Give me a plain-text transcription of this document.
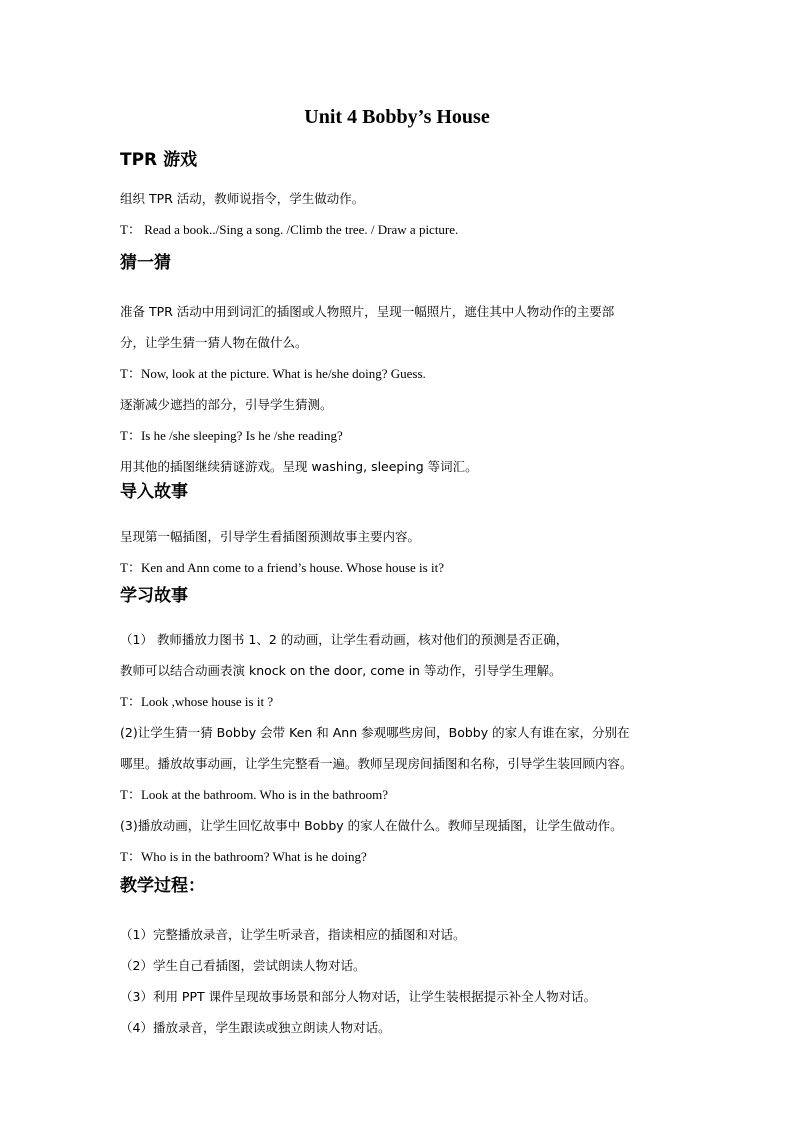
Unit 4 Bobby’s House
TPR 游戏

组织 TPR 活动，教师说指令，学生做动作。

T： Read a book../Sing a song. /Climb the tree. / Draw a picture.

猜一猜

准备 TPR 活动中用到词汇的插图或人物照片，呈现一幅照片，遮住其中人物动作的主要部

分，让学生猜一猜人物在做什么。

T：Now, look at the picture. What is he/she doing? Guess.

逐渐减少遮挡的部分，引导学生猜测。

T：Is he /she sleeping? Is he /she reading?

用其他的插图继续猜谜游戏。呈现 washing, sleeping 等词汇。

导入故事

呈现第一幅插图，引导学生看插图预测故事主要内容。

T：Ken and Ann come to a friend’s house. Whose house is it?

学习故事

（1） 教师播放力图书 1、2 的动画，让学生看动画，核对他们的预测是否正确，

教师可以结合动画表演 knock on the door, come in 等动作，引导学生理解。

T：Look ,whose house is it ?

(2)让学生猜一猜 Bobby 会带 Ken 和 Ann 参观哪些房间，Bobby 的家人有谁在家，分别在

哪里。播放故事动画，让学生完整看一遍。教师呈现房间插图和名称，引导学生装回顾内容。

T：Look at the bathroom. Who is in the bathroom?

(3)播放动画，让学生回忆故事中 Bobby 的家人在做什么。教师呈现插图，让学生做动作。

T：Who is in the bathroom? What is he doing?

教学过程：

（1）完整播放录音，让学生听录音，指读相应的插图和对话。

（2）学生自己看插图，尝试朗读人物对话。

（3）利用 PPT 课件呈现故事场景和部分人物对话，让学生装根据提示补全人物对话。

（4）播放录音，学生跟读或独立朗读人物对话。
